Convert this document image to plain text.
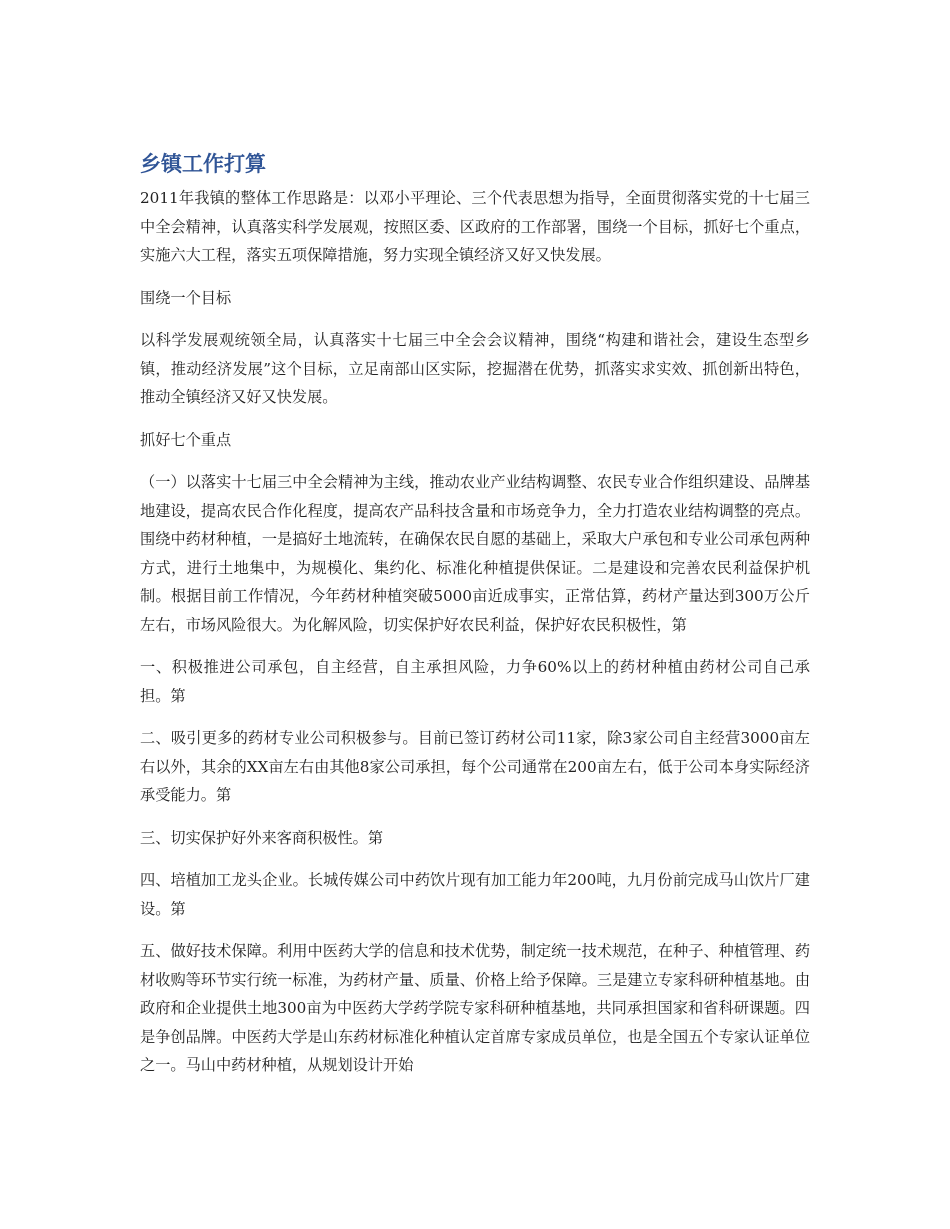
乡镇工作打算

2011年我镇的整体工作思路是：以邓小平理论、三个代表思想为指导，全面贯彻落实党的十七届三中全会精神，认真落实科学发展观，按照区委、区政府的工作部署，围绕一个目标，抓好七个重点，实施六大工程，落实五项保障措施，努力实现全镇经济又好又快发展。

围绕一个目标

以科学发展观统领全局，认真落实十七届三中全会会议精神，围绕“构建和谐社会，建设生态型乡镇，推动经济发展”这个目标，立足南部山区实际，挖掘潜在优势，抓落实求实效、抓创新出特色，推动全镇经济又好又快发展。

抓好七个重点

（一）以落实十七届三中全会精神为主线，推动农业产业结构调整、农民专业合作组织建设、品牌基地建设，提高农民合作化程度，提高农产品科技含量和市场竞争力，全力打造农业结构调整的亮点。围绕中药材种植，一是搞好土地流转，在确保农民自愿的基础上，采取大户承包和专业公司承包两种方式，进行土地集中，为规模化、集约化、标准化种植提供保证。二是建设和完善农民利益保护机制。根据目前工作情况，今年药材种植突破5000亩近成事实，正常估算，药材产量达到300万公斤左右，市场风险很大。为化解风险，切实保护好农民利益，保护好农民积极性，第

一、积极推进公司承包，自主经营，自主承担风险，力争60%以上的药材种植由药材公司自己承担。第

二、吸引更多的药材专业公司积极参与。目前已签订药材公司11家，除3家公司自主经营3000亩左右以外，其余的XX亩左右由其他8家公司承担，每个公司通常在200亩左右，低于公司本身实际经济承受能力。第

三、切实保护好外来客商积极性。第

四、培植加工龙头企业。长城传媒公司中药饮片现有加工能力年200吨，九月份前完成马山饮片厂建设。第

五、做好技术保障。利用中医药大学的信息和技术优势，制定统一技术规范，在种子、种植管理、药材收购等环节实行统一标准，为药材产量、质量、价格上给予保障。三是建立专家科研种植基地。由政府和企业提供土地300亩为中医药大学药学院专家科研种植基地，共同承担国家和省科研课题。四是争创品牌。中医药大学是山东药材标准化种植认定首席专家成员单位，也是全国五个专家认证单位之一。马山中药材种植，从规划设计开始
